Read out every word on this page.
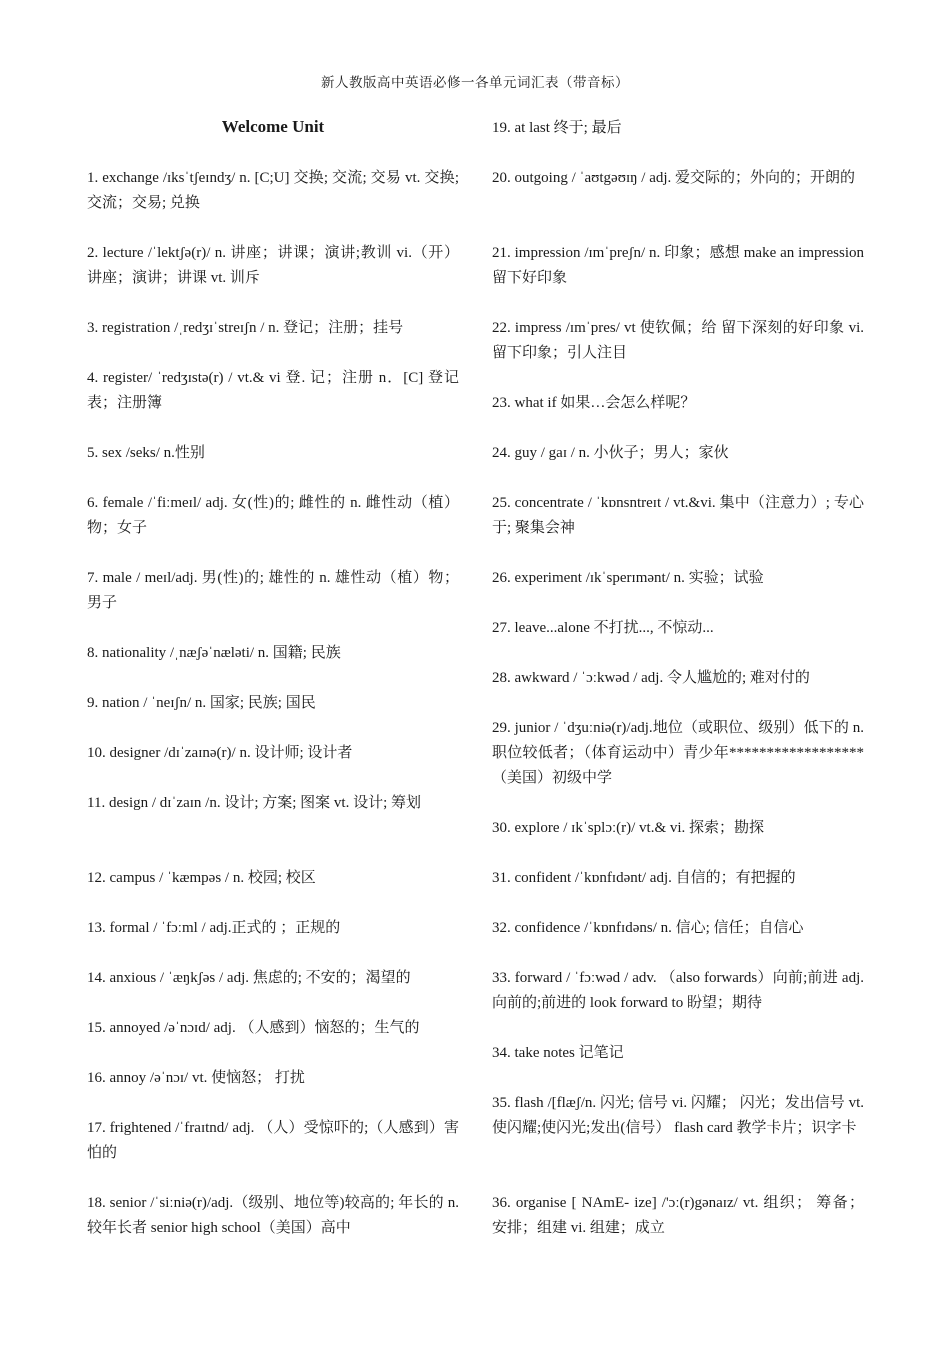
新人教版高中英语必修一各单元词汇表（带音标）
Welcome Unit
1. exchange /ɪksˈtʃeɪndʒ/ n. [C;U] 交换; 交流; 交易 vt. 交换; 交流；交易; 兑换
2. lecture /ˈlektʃə(r)/ n. 讲座；讲课；演讲;教训 vi.（开）讲座；演讲；讲课 vt. 训斥
3. registration /ˌredʒɪˈstreɪʃn / n. 登记；注册；挂号
4. register/ ˈredʒɪstə(r) / vt.& vi 登. 记；注册 n．[C] 登记表；注册簿
5. sex /seks/ n.性别
6. female /ˈfiːmeɪl/ adj. 女(性)的; 雌性的 n. 雌性动（植）物；女子
7. male / meɪl/adj. 男(性)的; 雄性的 n. 雄性动（植）物；男子
8. nationality /ˌnæʃəˈnæləti/ n. 国籍; 民族
9. nation / ˈneɪʃn/ n. 国家; 民族; 国民
10. designer /dɪˈzaɪnə(r)/ n. 设计师; 设计者
11. design / dɪˈzaɪn /n. 设计; 方案; 图案 vt. 设计; 筹划
12. campus / ˈkæmpəs / n. 校园; 校区
13. formal / ˈfɔːml / adj.正式的 ；正规的
14. anxious / ˈæŋkʃəs / adj. 焦虑的; 不安的；渴望的
15. annoyed /əˈnɔɪd/ adj. （人感到）恼怒的；生气的
16. annoy /əˈnɔɪ/ vt. 使恼怒； 打扰
17. frightened /ˈfraɪtnd/ adj. （人）受惊吓的;（人感到）害怕的
18. senior /ˈsiːniə(r)/adj.（级别、地位等)较高的; 年长的 n. 较年长者 senior high school（美国）高中
19. at last 终于; 最后
20. outgoing / ˈaʊtgəʊɪŋ / adj. 爱交际的；外向的；开朗的
21. impression /ɪmˈpreʃn/ n. 印象；感想 make an impression 留下好印象
22. impress /ɪmˈpres/ vt 使钦佩；给 留下深刻的好印象 vi. 留下印象；引人注目
23. what if 如果…会怎么样呢？
24. guy / gaɪ / n. 小伙子；男人；家伙
25. concentrate / ˈkɒnsntreɪt / vt.&vi. 集中（注意力）; 专心于; 聚集会神
26. experiment /ɪkˈsperɪmənt/ n. 实验；试验
27. leave...alone 不打扰..., 不惊动...
28. awkward / ˈɔːkwəd / adj. 令人尴尬的; 难对付的
29. junior / ˈdʒuːniə(r)/adj.地位（或职位、级别）低下的 n. 职位较低者；（体育运动中）青少年******************（美国）初级中学
30. explore / ɪkˈsplɔː(r)/ vt.& vi. 探索；勘探
31. confident /ˈkɒnfɪdənt/ adj. 自信的；有把握的
32. confidence /ˈkɒnfɪdəns/ n. 信心; 信任；自信心
33. forward / ˈfɔːwəd / adv. （also forwards）向前;前进 adj. 向前的;前进的 look forward to 盼望；期待
34. take notes 记笔记
35. flash /[flæʃ/n. 闪光; 信号 vi. 闪耀； 闪光；发出信号 vt. 使闪耀;使闪光;发出(信号） flash card 教学卡片；识字卡
36. organise [ NAmE- ize] /'ɔː(r)gənaɪz/ vt. 组织； 筹备； 安排；组建 vi. 组建；成立
